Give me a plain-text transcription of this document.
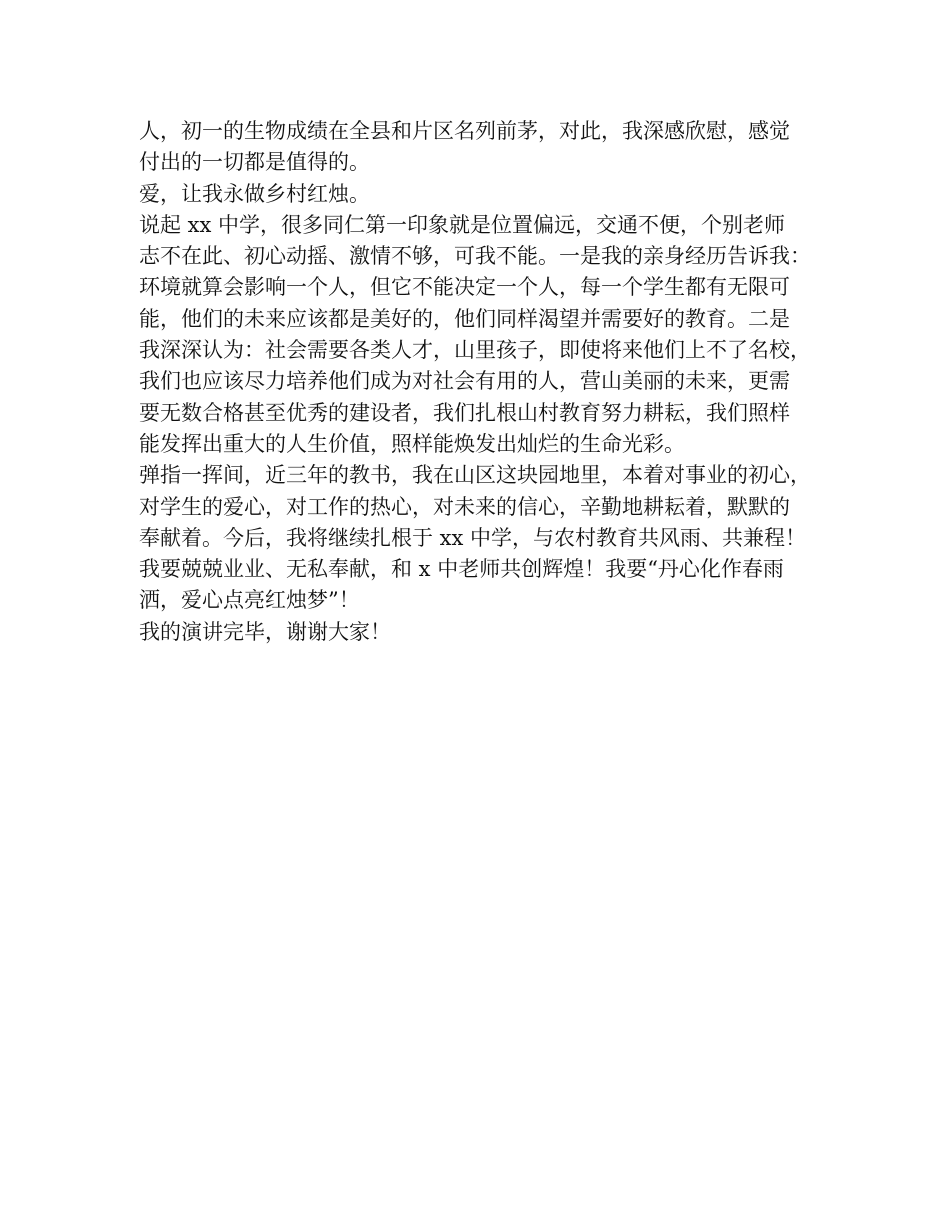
人，初一的生物成绩在全县和片区名列前茅，对此，我深感欣慰，感觉

付出的一切都是值得的。

爱，让我永做乡村红烛。

说起 xx 中学，很多同仁第一印象就是位置偏远，交通不便，个别老师

志不在此、初心动摇、激情不够，可我不能。一是我的亲身经历告诉我：

环境就算会影响一个人，但它不能决定一个人，每一个学生都有无限可

能，他们的未来应该都是美好的，他们同样渴望并需要好的教育。二是

我深深认为：社会需要各类人才，山里孩子，即使将来他们上不了名校，

我们也应该尽力培养他们成为对社会有用的人，营山美丽的未来，更需

要无数合格甚至优秀的建设者，我们扎根山村教育努力耕耘，我们照样

能发挥出重大的人生价值，照样能焕发出灿烂的生命光彩。

弹指一挥间，近三年的教书，我在山区这块园地里，本着对事业的初心，

对学生的爱心，对工作的热心，对未来的信心，辛勤地耕耘着，默默的

奉献着。今后，我将继续扎根于 xx 中学，与农村教育共风雨、共兼程！

我要兢兢业业、无私奉献，和 x 中老师共创辉煌！我要“丹心化作春雨

洒，爱心点亮红烛梦”！

我的演讲完毕，谢谢大家！
